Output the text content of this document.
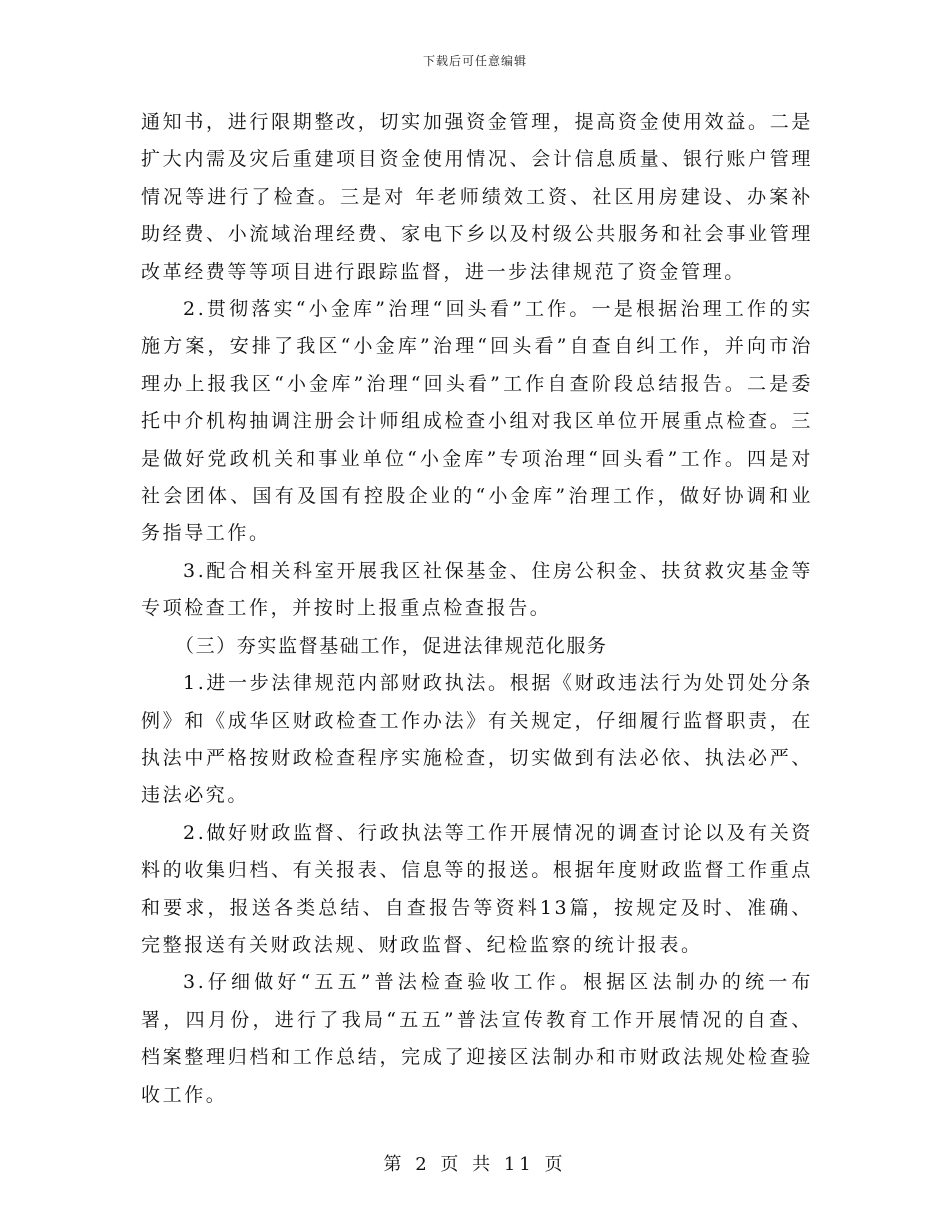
下载后可任意编辑

通知书，进行限期整改，切实加强资金管理，提高资金使用效益。二是扩大内需及灾后重建项目资金使用情况、会计信息质量、银行账户管理情况等进行了检查。三是对 年老师绩效工资、社区用房建设、办案补助经费、小流域治理经费、家电下乡以及村级公共服务和社会事业管理改革经费等等项目进行跟踪监督，进一步法律规范了资金管理。

2.贯彻落实“小金库”治理“回头看”工作。一是根据治理工作的实施方案，安排了我区“小金库”治理“回头看”自查自纠工作，并向市治理办上报我区“小金库”治理“回头看”工作自查阶段总结报告。二是委托中介机构抽调注册会计师组成检查小组对我区单位开展重点检查。三是做好党政机关和事业单位“小金库”专项治理“回头看”工作。四是对社会团体、国有及国有控股企业的“小金库”治理工作，做好协调和业务指导工作。

3.配合相关科室开展我区社保基金、住房公积金、扶贫救灾基金等专项检查工作，并按时上报重点检查报告。

（三）夯实监督基础工作，促进法律规范化服务

1.进一步法律规范内部财政执法。根据《财政违法行为处罚处分条例》和《成华区财政检查工作办法》有关规定，仔细履行监督职责，在执法中严格按财政检查程序实施检查，切实做到有法必依、执法必严、违法必究。

2.做好财政监督、行政执法等工作开展情况的调查讨论以及有关资料的收集归档、有关报表、信息等的报送。根据年度财政监督工作重点和要求，报送各类总结、自查报告等资料13篇，按规定及时、准确、完整报送有关财政法规、财政监督、纪检监察的统计报表。

3.仔细做好“五五”普法检查验收工作。根据区法制办的统一布署，四月份，进行了我局“五五”普法宣传教育工作开展情况的自查、档案整理归档和工作总结，完成了迎接区法制办和市财政法规处检查验收工作。

第 2 页 共 11 页
